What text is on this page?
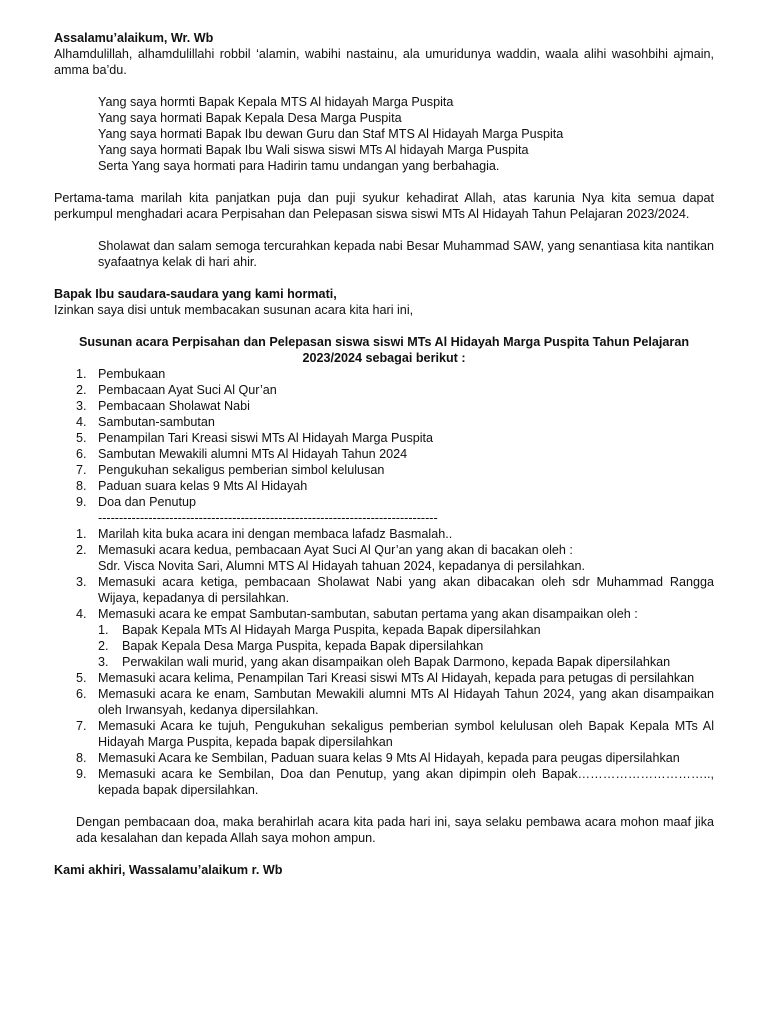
Assalamu’alaikum, Wr. Wb

Alhamdulillah, alhamdulillahi robbil ‘alamin, wabihi nastainu, ala umuridunya waddin, waala alihi wasohbihi ajmain, amma ba’du.

Yang saya hormti Bapak Kepala MTS Al hidayah Marga Puspita

Yang saya hormati Bapak Kepala Desa Marga Puspita

Yang saya hormati Bapak Ibu dewan Guru dan Staf MTS Al Hidayah Marga Puspita

Yang saya hormati Bapak Ibu Wali siswa siswi MTs Al hidayah Marga Puspita

Serta Yang saya hormati para Hadirin tamu undangan yang berbahagia.

Pertama-tama marilah kita panjatkan puja dan puji syukur kehadirat Allah, atas karunia Nya kita semua dapat perkumpul menghadari acara Perpisahan dan Pelepasan siswa siswi MTs Al Hidayah Tahun Pelajaran 2023/2024.

Sholawat dan salam semoga tercurahkan kepada nabi Besar Muhammad SAW, yang senantiasa kita nantikan syafaatnya kelak di hari ahir.

Bapak Ibu saudara-saudara yang kami hormati,

Izinkan saya disi untuk membacakan susunan acara kita hari ini,

Susunan acara Perpisahan dan Pelepasan siswa siswi MTs Al Hidayah Marga Puspita Tahun Pelajaran
2023/2024 sebagai berikut :

1. Pembukaan
2. Pembacaan Ayat Suci Al Qur’an
3. Pembacaan Sholawat Nabi
4. Sambutan-sambutan
5. Penampilan Tari Kreasi siswi MTs Al Hidayah Marga Puspita
6. Sambutan Mewakili alumni MTs Al Hidayah Tahun 2024
7. Pengukuhan sekaligus pemberian simbol kelulusan
8. Paduan suara kelas 9 Mts Al Hidayah
9. Doa dan Penutup

---------------------------------------------------------------------------------

1. Marilah kita buka acara ini dengan membaca lafadz Basmalah..
2. Memasuki acara kedua, pembacaan Ayat Suci Al Qur’an yang akan di bacakan oleh :
Sdr. Visca Novita Sari, Alumni MTS Al Hidayah tahuan 2024, kepadanya di persilahkan.
3. Memasuki acara ketiga, pembacaan Sholawat Nabi yang akan dibacakan oleh sdr Muhammad Rangga Wijaya, kepadanya di persilahkan.
4. Memasuki acara ke empat Sambutan-sambutan, sabutan pertama yang akan disampaikan oleh :
1.	Bapak Kepala MTs Al Hidayah Marga Puspita, kepada Bapak dipersilahkan
2.	Bapak Kepala Desa Marga Puspita, kepada Bapak dipersilahkan
3.	Perwakilan wali murid, yang akan disampaikan oleh Bapak Darmono, kepada Bapak dipersilahkan
5. Memasuki acara kelima, Penampilan Tari Kreasi siswi MTs Al Hidayah, kepada para petugas di persilahkan
6. Memasuki acara ke enam, Sambutan Mewakili alumni MTs Al Hidayah Tahun 2024, yang akan disampaikan oleh Irwansyah, kedanya dipersilahkan.
7. Memasuki Acara ke tujuh, Pengukuhan sekaligus pemberian symbol kelulusan oleh Bapak Kepala MTs Al Hidayah Marga Puspita, kepada bapak dipersilahkan
8. Memasuki Acara ke Sembilan, Paduan suara kelas 9 Mts Al Hidayah, kepada para peugas dipersilahkan
9. Memasuki acara ke Sembilan, Doa dan Penutup, yang akan dipimpin oleh Bapak………………………….., kepada bapak dipersilahkan.

Dengan pembacaan doa, maka berahirlah acara kita pada hari ini, saya selaku pembawa acara mohon maaf jika ada kesalahan dan kepada Allah saya mohon ampun.

Kami akhiri, Wassalamu’alaikum r. Wb
